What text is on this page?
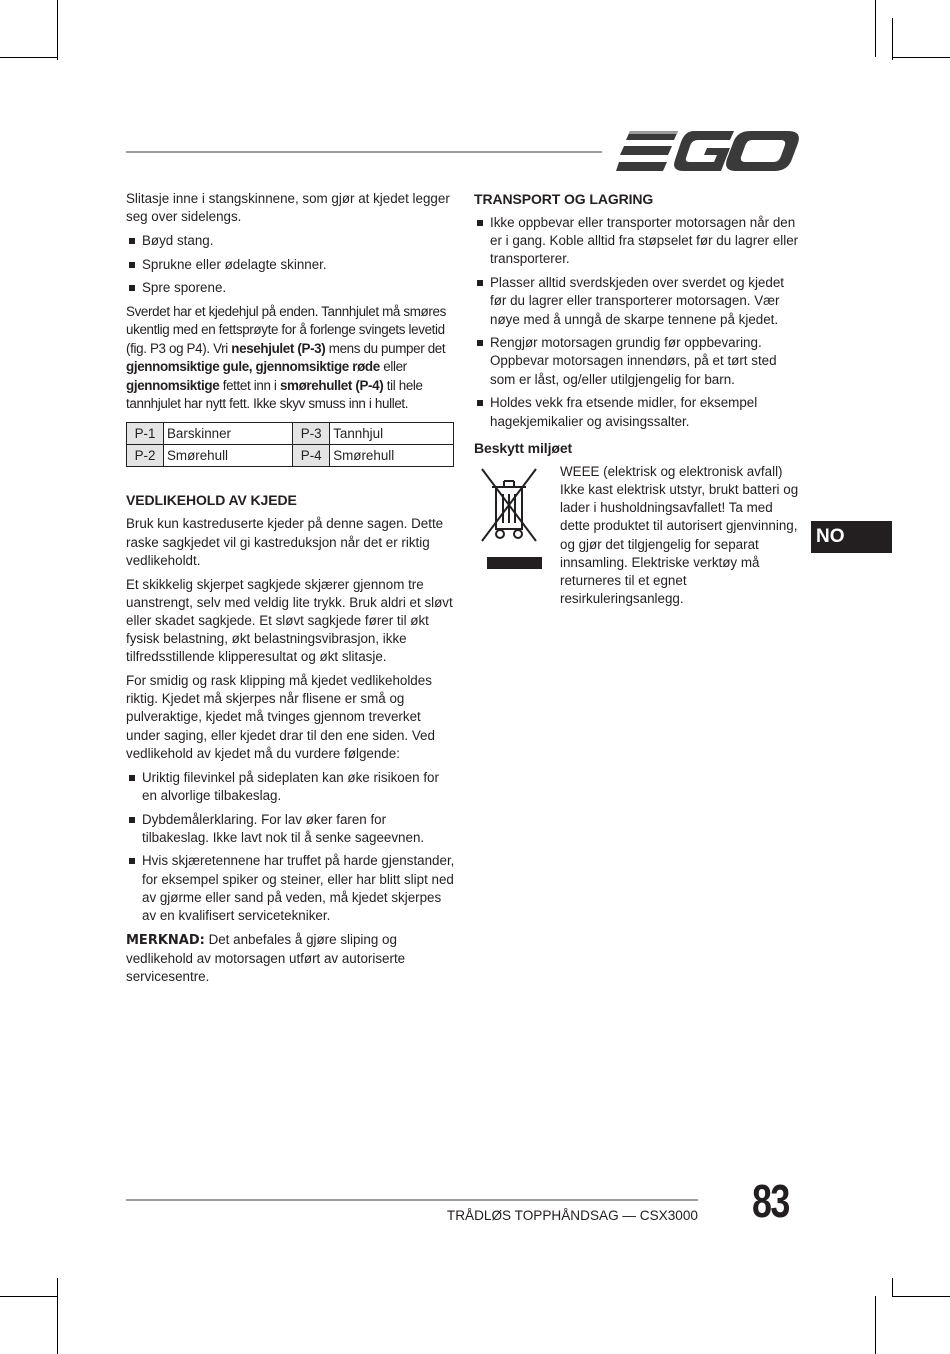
Slitasje inne i stangskinnene, som gjør at kjedet legger seg over sidelengs.

Bøyd stang.
Sprukne eller ødelagte skinner.
Spre sporene.

Sverdet har et kjedehjul på enden. Tannhjulet må smøres ukentlig med en fettsprøyte for å forlenge svingets levetid (fig. P3 og P4). Vri nesehjulet (P-3) mens du pumper det gjennomsiktige gule, gjennomsiktige røde eller gjennomsiktige fettet inn i smørehullet (P-4) til hele tannhjulet har nytt fett. Ikke skyv smuss inn i hullet.

P-1	Barskinner	P-3	Tannhjul
P-2	Smørehull	P-4	Smørehull
VEDLIKEHOLD AV KJEDE

Bruk kun kastreduserte kjeder på denne sagen. Dette raske sagkjedet vil gi kastreduksjon når det er riktig vedlikeholdt.

Et skikkelig skjerpet sagkjede skjærer gjennom tre uanstrengt, selv med veldig lite trykk. Bruk aldri et sløvt eller skadet sagkjede. Et sløvt sagkjede fører til økt fysisk belastning, økt belastningsvibrasjon, ikke tilfredsstillende klipperesultat og økt slitasje.

For smidig og rask klipping må kjedet vedlikeholdes riktig. Kjedet må skjerpes når flisene er små og pulveraktige, kjedet må tvinges gjennom treverket under saging, eller kjedet drar til den ene siden. Ved vedlikehold av kjedet må du vurdere følgende:

Uriktig filevinkel på sideplaten kan øke risikoen for en alvorlige tilbakeslag.
Dybdemålerklaring. For lav øker faren for tilbakeslag. Ikke lavt nok til å senke sageevnen.
Hvis skjæretennene har truffet på harde gjenstander, for eksempel spiker og steiner, eller har blitt slipt ned av gjørme eller sand på veden, må kjedet skjerpes av en kvalifisert servicetekniker.

MERKNAD: Det anbefales å gjøre sliping og vedlikehold av motorsagen utført av autoriserte servicesentre.

TRANSPORT OG LAGRING
Ikke oppbevar eller transporter motorsagen når den er i gang. Koble alltid fra støpselet før du lagrer eller transporterer.
Plasser alltid sverdskjeden over sverdet og kjedet før du lagrer eller transporterer motorsagen. Vær nøye med å unngå de skarpe tennene på kjedet.
Rengjør motorsagen grundig før oppbevaring. Oppbevar motorsagen innendørs, på et tørt sted som er låst, og/eller utilgjengelig for barn.
Holdes vekk fra etsende midler, for eksempel hagekjemikalier og avisingssalter.
Beskytt miljøet
WEEE (elektrisk og elektronisk avfall) Ikke kast elektrisk utstyr, brukt batteri og lader i husholdningsavfallet! Ta med dette produktet til autorisert gjenvinning, og gjør det tilgjengelig for separat innsamling. Elektriske verktøy må returneres til et egnet resirkuleringsanlegg.
NO
TRÅDLØS TOPPHÅNDSAG — CSX3000 83
